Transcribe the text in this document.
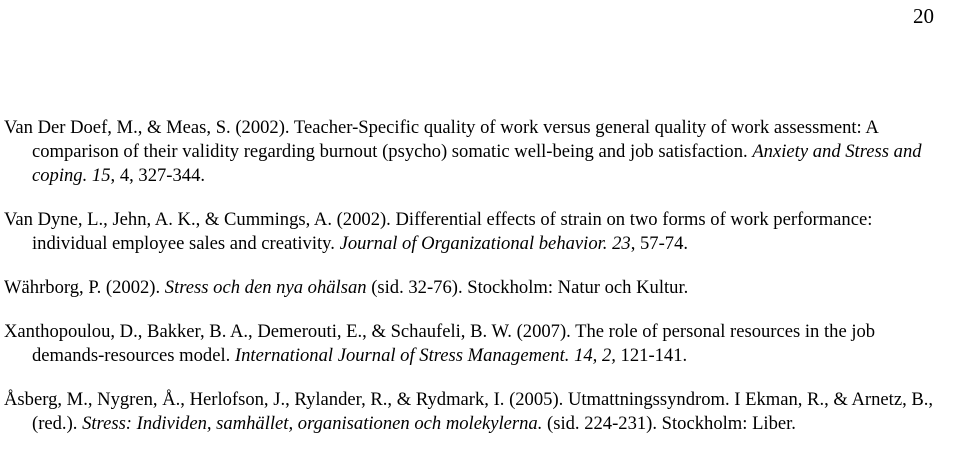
20

Van Der Doef, M., & Meas, S. (2002). Teacher-Specific quality of work versus general quality of work assessment: A comparison of their validity regarding burnout (psycho) somatic well-being and job satisfaction. Anxiety and Stress and coping. 15, 4, 327-344.

Van Dyne, L., Jehn, A. K., & Cummings, A. (2002). Differential effects of strain on two forms of work performance: individual employee sales and creativity. Journal of Organizational behavior. 23, 57-74.

Währborg, P. (2002). Stress och den nya ohälsan (sid. 32-76). Stockholm: Natur och Kultur.

Xanthopoulou, D., Bakker, B. A., Demerouti, E., & Schaufeli, B. W. (2007). The role of personal resources in the job demands-resources model. International Journal of Stress Management. 14, 2, 121-141.

Åsberg, M., Nygren, Å., Herlofson, J., Rylander, R., & Rydmark, I. (2005). Utmattningssyndrom. I Ekman, R., & Arnetz, B., (red.). Stress: Individen, samhället, organisationen och molekylerna. (sid. 224-231). Stockholm: Liber.
